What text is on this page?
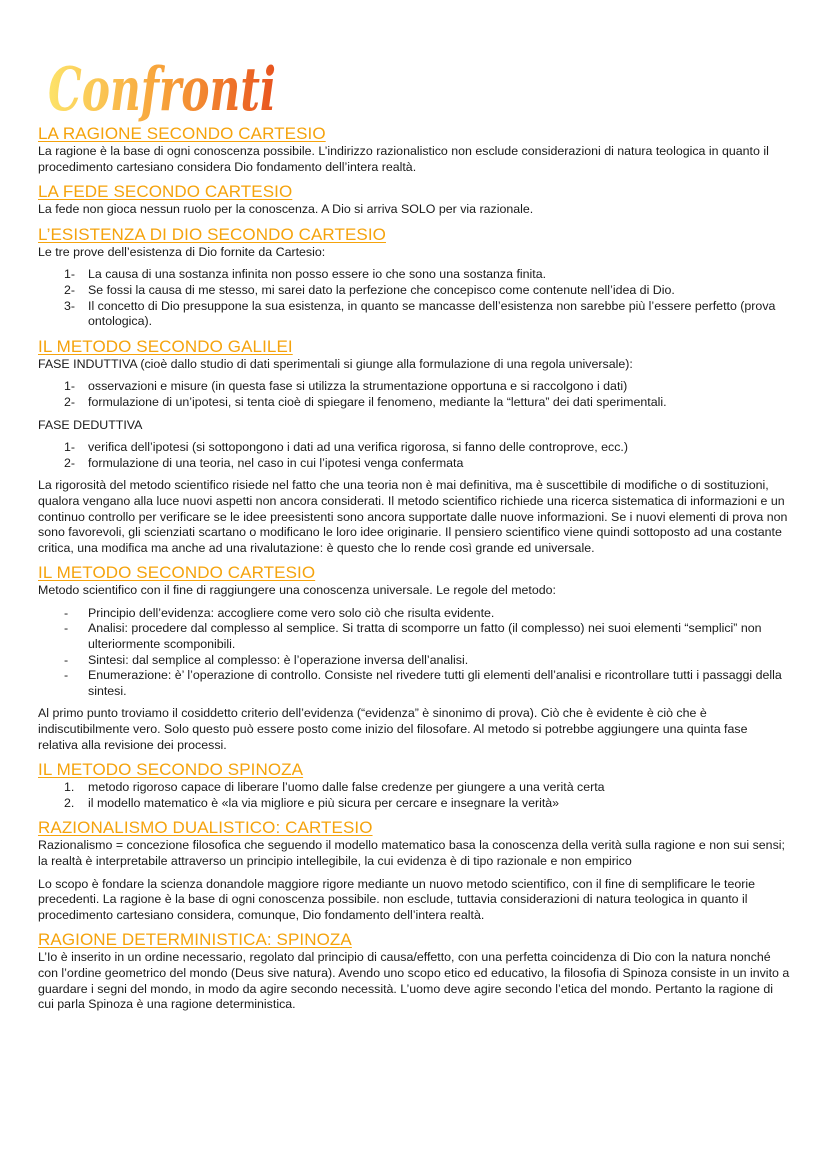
Confronti
LA RAGIONE SECONDO CARTESIO

La ragione è la base di ogni conoscenza possibile. L’indirizzo razionalistico non esclude considerazioni di natura teologica in quanto il procedimento cartesiano considera Dio fondamento dell’intera realtà.

LA FEDE SECONDO CARTESIO

La fede non gioca nessun ruolo per la conoscenza. A Dio si arriva SOLO per via razionale.

L’ESISTENZA DI DIO SECONDO CARTESIO

Le tre prove dell’esistenza di Dio fornite da Cartesio:

1- La causa di una sostanza infinita non posso essere io che sono una sostanza finita.
2- Se fossi la causa di me stesso, mi sarei dato la perfezione che concepisco come contenute nell’idea di Dio.
3- Il concetto di Dio presuppone la sua esistenza, in quanto se mancasse dell’esistenza non sarebbe più l’essere perfetto (prova ontologica).
IL METODO SECONDO GALILEI

FASE INDUTTIVA (cioè dallo studio di dati sperimentali si giunge alla formulazione di una regola universale):

1- osservazioni e misure (in questa fase si utilizza la strumentazione opportuna e si raccolgono i dati)
2- formulazione di un’ipotesi, si tenta cioè di spiegare il fenomeno, mediante la “lettura” dei dati sperimentali.

FASE DEDUTTIVA

1- verifica dell’ipotesi (si sottopongono i dati ad una verifica rigorosa, si fanno delle controprove, ecc.)
2- formulazione di una teoria, nel caso in cui l’ipotesi venga confermata

La rigorosità del metodo scientifico risiede nel fatto che una teoria non è mai definitiva, ma è suscettibile di modifiche o di sostituzioni, qualora vengano alla luce nuovi aspetti non ancora considerati. Il metodo scientifico richiede una ricerca sistematica di informazioni e un continuo controllo per verificare se le idee preesistenti sono ancora supportate dalle nuove informazioni. Se i nuovi elementi di prova non sono favorevoli, gli scienziati scartano o modificano le loro idee originarie. Il pensiero scientifico viene quindi sottoposto ad una costante critica, una modifica ma anche ad una rivalutazione: è questo che lo rende così grande ed universale.

IL METODO SECONDO CARTESIO

Metodo scientifico con il fine di raggiungere una conoscenza universale. Le regole del metodo:

- Principio dell’evidenza: accogliere come vero solo ciò che risulta evidente.
- Analisi: procedere dal complesso al semplice. Si tratta di scomporre un fatto (il complesso) nei suoi elementi “semplici” non ulteriormente scomponibili.
- Sintesi: dal semplice al complesso: è l’operazione inversa dell’analisi.
- Enumerazione: è’ l’operazione di controllo. Consiste nel rivedere tutti gli elementi dell’analisi e ricontrollare tutti i passaggi della sintesi.

Al primo punto troviamo il cosiddetto criterio dell’evidenza (“evidenza” è sinonimo di prova). Ciò che è evidente è ciò che è indiscutibilmente vero. Solo questo può essere posto come inizio del filosofare. Al metodo si potrebbe aggiungere una quinta fase relativa alla revisione dei processi.

IL METODO SECONDO SPINOZA
1. metodo rigoroso capace di liberare l’uomo dalle false credenze per giungere a una verità certa
2. il modello matematico è «la via migliore e più sicura per cercare e insegnare la verità»
RAZIONALISMO DUALISTICO: CARTESIO

Razionalismo = concezione filosofica che seguendo il modello matematico basa la conoscenza della verità sulla ragione e non sui sensi; la realtà è interpretabile attraverso un principio intellegibile, la cui evidenza è di tipo razionale e non empirico

Lo scopo è fondare la scienza donandole maggiore rigore mediante un nuovo metodo scientifico, con il fine di semplificare le teorie precedenti. La ragione è la base di ogni conoscenza possibile. non esclude, tuttavia considerazioni di natura teologica in quanto il procedimento cartesiano considera, comunque, Dio fondamento dell’intera realtà.

RAGIONE DETERMINISTICA: SPINOZA

L’Io è inserito in un ordine necessario, regolato dal principio di causa/effetto, con una perfetta coincidenza di Dio con la natura nonché con l’ordine geometrico del mondo (Deus sive natura). Avendo uno scopo etico ed educativo, la filosofia di Spinoza consiste in un invito a guardare i segni del mondo, in modo da agire secondo necessità. L’uomo deve agire secondo l’etica del mondo. Pertanto la ragione di cui parla Spinoza è una ragione deterministica.
